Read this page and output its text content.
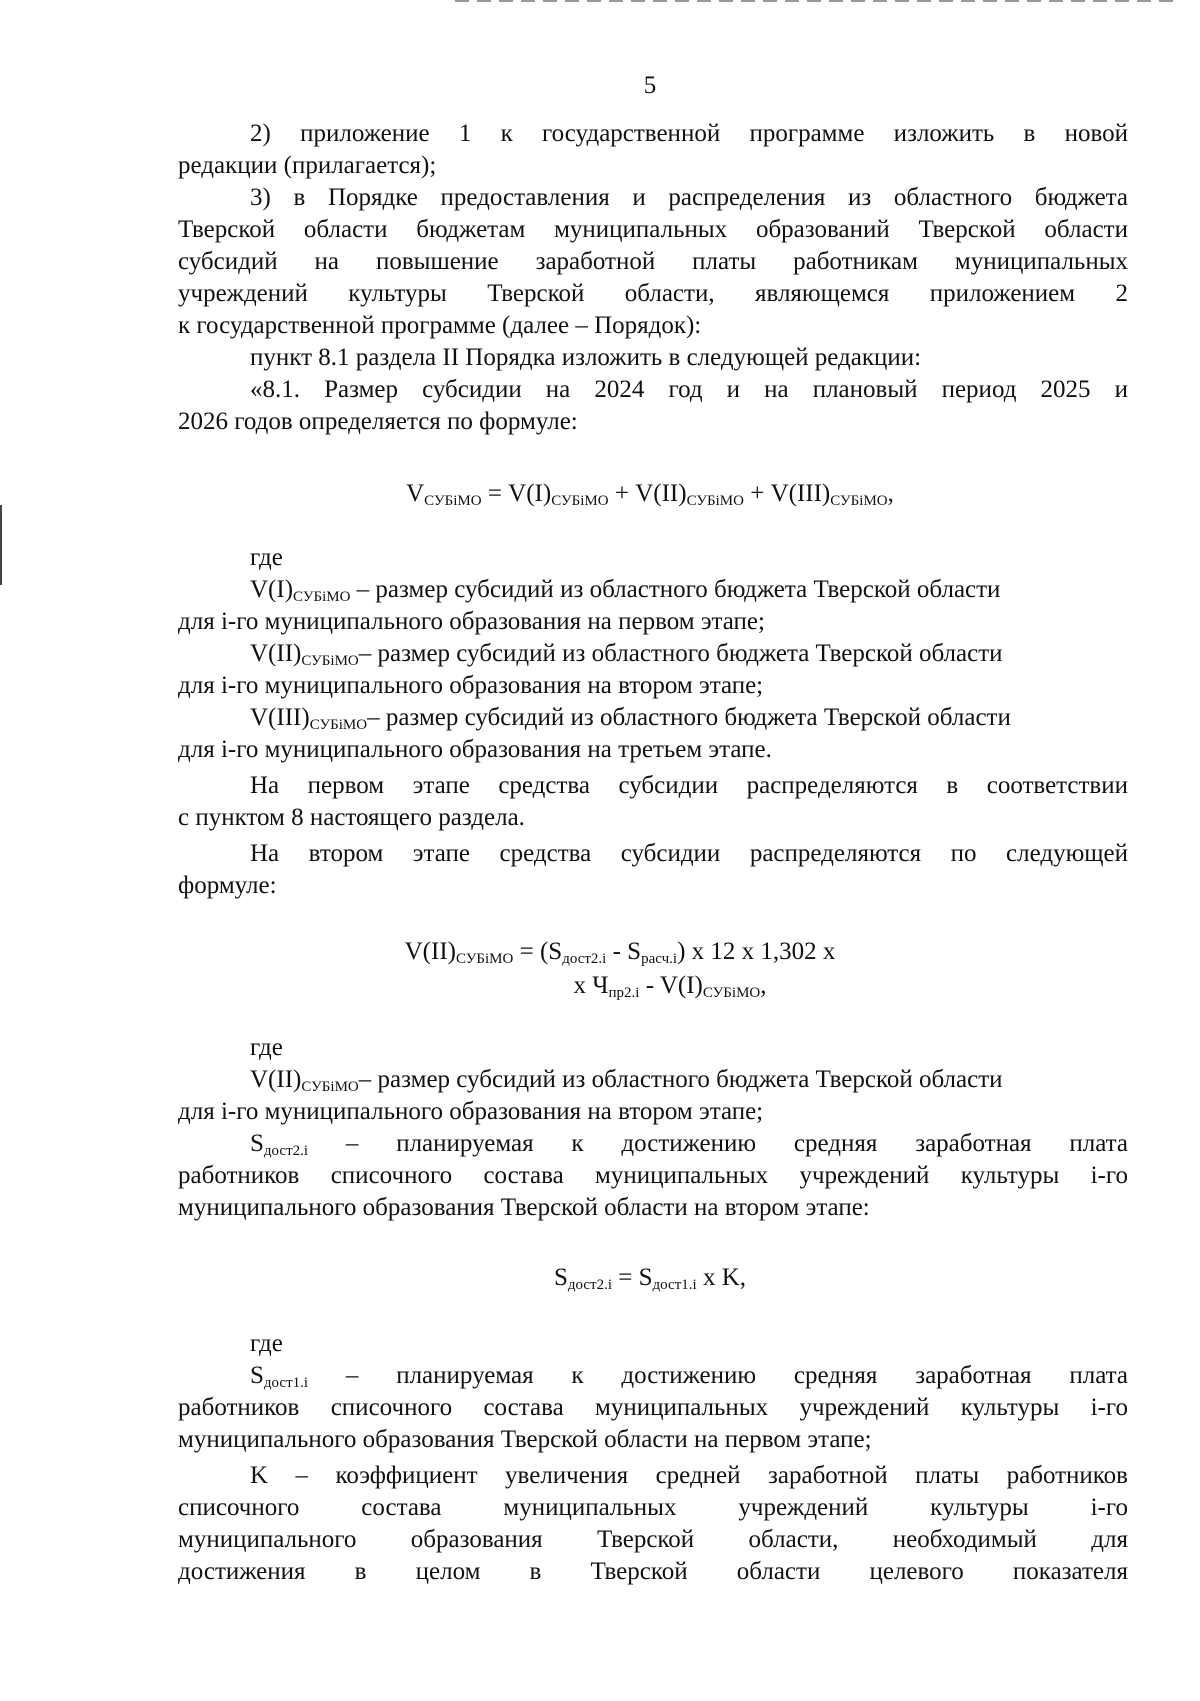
5
2) приложение 1 к государственной программе изложить в новой
редакции (прилагается);
3) в Порядке предоставления и распределения из областного бюджета
Тверской области бюджетам муниципальных образований Тверской области
субсидий на повышение заработной платы работникам муниципальных
учреждений культуры Тверской области, являющемся приложением 2
к государственной программе (далее – Порядок):
пункт 8.1 раздела II Порядка изложить в следующей редакции:
«8.1. Размер субсидии на 2024 год и на плановый период 2025 и
2026 годов определяется по формуле:
$V_{СУБiМО} = V(I)_{СУБiМО} + V(II)_{СУБiМО} + V(III)_{СУБiМО}$,
где
$V(I)_{СУБiМО}$ – размер субсидий из областного бюджета Тверской области
для i-го муниципального образования на первом этапе;
$V(II)_{СУБiМО}-$ размер субсидий из областного бюджета Тверской области
для i-го муниципального образования на втором этапе;
$V(III)_{СУБiМО}-$ размер субсидий из областного бюджета Тверской области
для i-го муниципального образования на третьем этапе.
На первом этапе средства субсидии распределяются в соответствии
с пунктом 8 настоящего раздела.
На втором этапе средства субсидии распределяются по следующей
формуле:
$V(II)_{СУБiМО} = (S_{дост2.i} - S_{расч.i})$ x 12 x 1,302 x
x $Ч_{пр2.i} - V(I)_{СУБiМО}$,
где
$V(II)_{СУБiМО}-$ размер субсидий из областного бюджета Тверской области
для i-го муниципального образования на втором этапе;
$S_{дост2.i}$ – планируемая к достижению средняя заработная плата
работников списочного состава муниципальных учреждений культуры i-го
муниципального образования Тверской области на втором этапе:
$S_{дост2.i} = S_{дост1.i}$ x K,
где
$S_{дост1.i}$ – планируемая к достижению средняя заработная плата
работников списочного состава муниципальных учреждений культуры i-го
муниципального образования Тверской области на первом этапе;
K – коэффициент увеличения средней заработной платы работников
списочного состава муниципальных учреждений культуры i-го
муниципального образования Тверской области, необходимый для
достижения в целом в Тверской области целевого показателя
